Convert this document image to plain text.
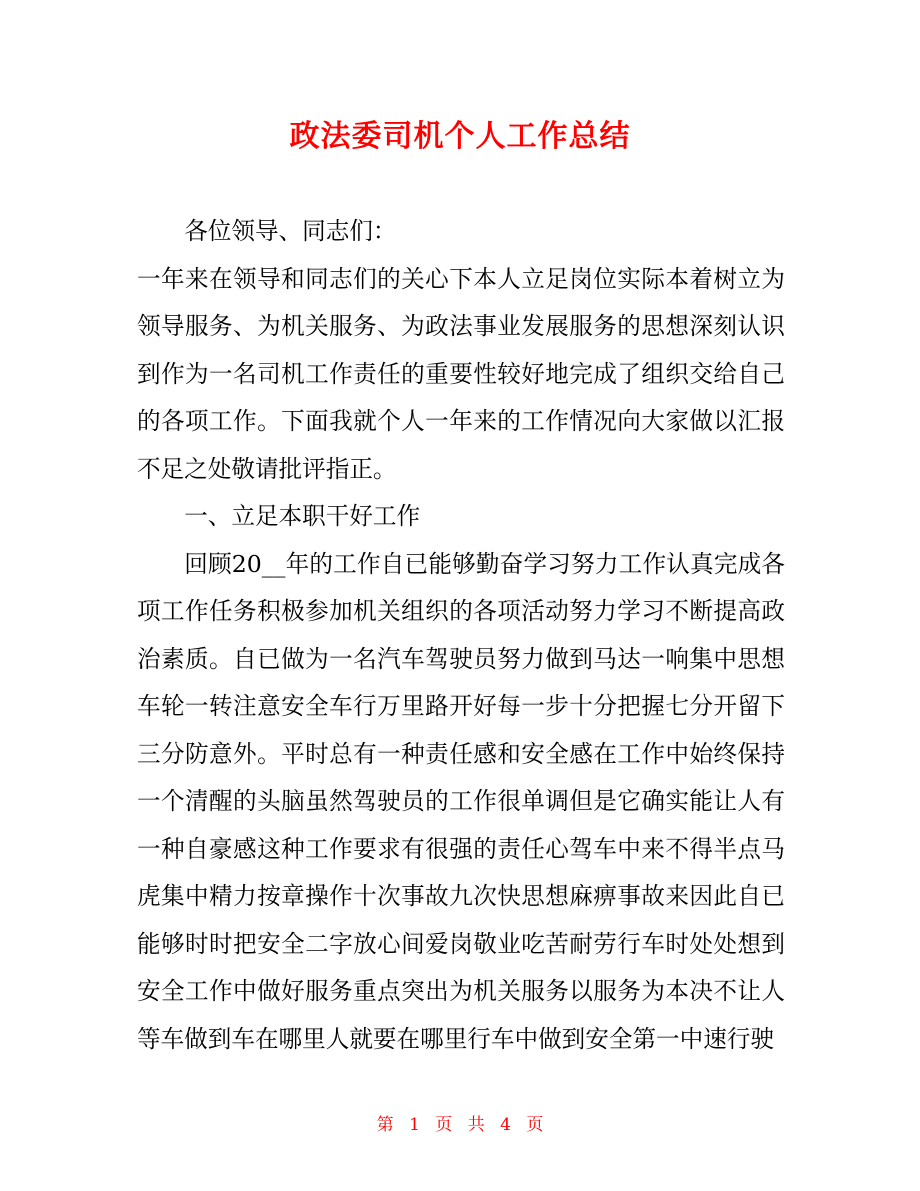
政法委司机个人工作总结

各位领导、同志们：

一年来在领导和同志们的关心下本人立足岗位实际本着树立为领导服务、为机关服务、为政法事业发展服务的思想深刻认识到作为一名司机工作责任的重要性较好地完成了组织交给自己的各项工作。下面我就个人一年来的工作情况向大家做以汇报不足之处敬请批评指正。

一、立足本职干好工作

回顾20__年的工作自已能够勤奋学习努力工作认真完成各项工作任务积极参加机关组织的各项活动努力学习不断提高政治素质。自已做为一名汽车驾驶员努力做到马达一响集中思想车轮一转注意安全车行万里路开好每一步十分把握七分开留下三分防意外。平时总有一种责任感和安全感在工作中始终保持一个清醒的头脑虽然驾驶员的工作很单调但是它确实能让人有一种自豪感这种工作要求有很强的责任心驾车中来不得半点马虎集中精力按章操作十次事故九次快思想麻痹事故来因此自已能够时时把安全二字放心间爱岗敬业吃苦耐劳行车时处处想到安全工作中做好服务重点突出为机关服务以服务为本决不让人等车做到车在哪里人就要在哪里行车中做到安全第一中速行驶

第 1 页 共 4 页
